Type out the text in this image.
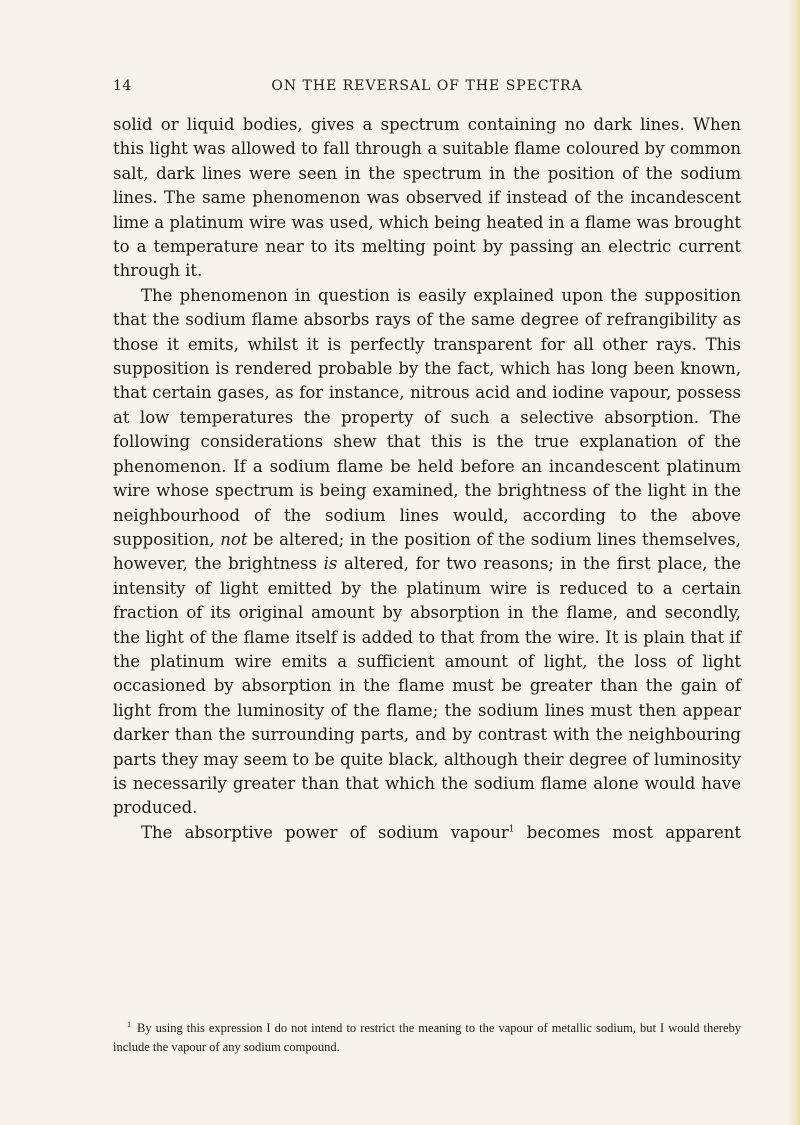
14	ON THE REVERSAL OF THE SPECTRA

solid or liquid bodies, gives a spectrum containing no dark lines. When this light was allowed to fall through a suitable flame coloured by common salt, dark lines were seen in the spectrum in the position of the sodium lines. The same phenomenon was observed if instead of the incandescent lime a platinum wire was used, which being heated in a flame was brought to a temperature near to its melting point by passing an electric current through it.

The phenomenon in question is easily explained upon the supposition that the sodium flame absorbs rays of the same degree of refrangibility as those it emits, whilst it is perfectly transparent for all other rays. This supposition is rendered probable by the fact, which has long been known, that certain gases, as for instance, nitrous acid and iodine vapour, possess at low temperatures the property of such a selective absorption. The following considerations shew that this is the true explanation of the phenomenon. If a sodium flame be held before an incandescent platinum wire whose spectrum is being examined, the brightness of the light in the neighbourhood of the sodium lines would, according to the above supposition, not be altered; in the position of the sodium lines themselves, however, the brightness is altered, for two reasons; in the first place, the intensity of light emitted by the platinum wire is reduced to a certain fraction of its original amount by absorption in the flame, and secondly, the light of the flame itself is added to that from the wire. It is plain that if the platinum wire emits a sufficient amount of light, the loss of light occasioned by absorption in the flame must be greater than the gain of light from the luminosity of the flame; the sodium lines must then appear darker than the surrounding parts, and by contrast with the neighbouring parts they may seem to be quite black, although their degree of luminosity is necessarily greater than that which the sodium flame alone would have produced.

The absorptive power of sodium vapour$^1$ becomes most apparent

$^1$ By using this expression I do not intend to restrict the meaning to the vapour of metallic sodium, but I would thereby include the vapour of any sodium compound.
